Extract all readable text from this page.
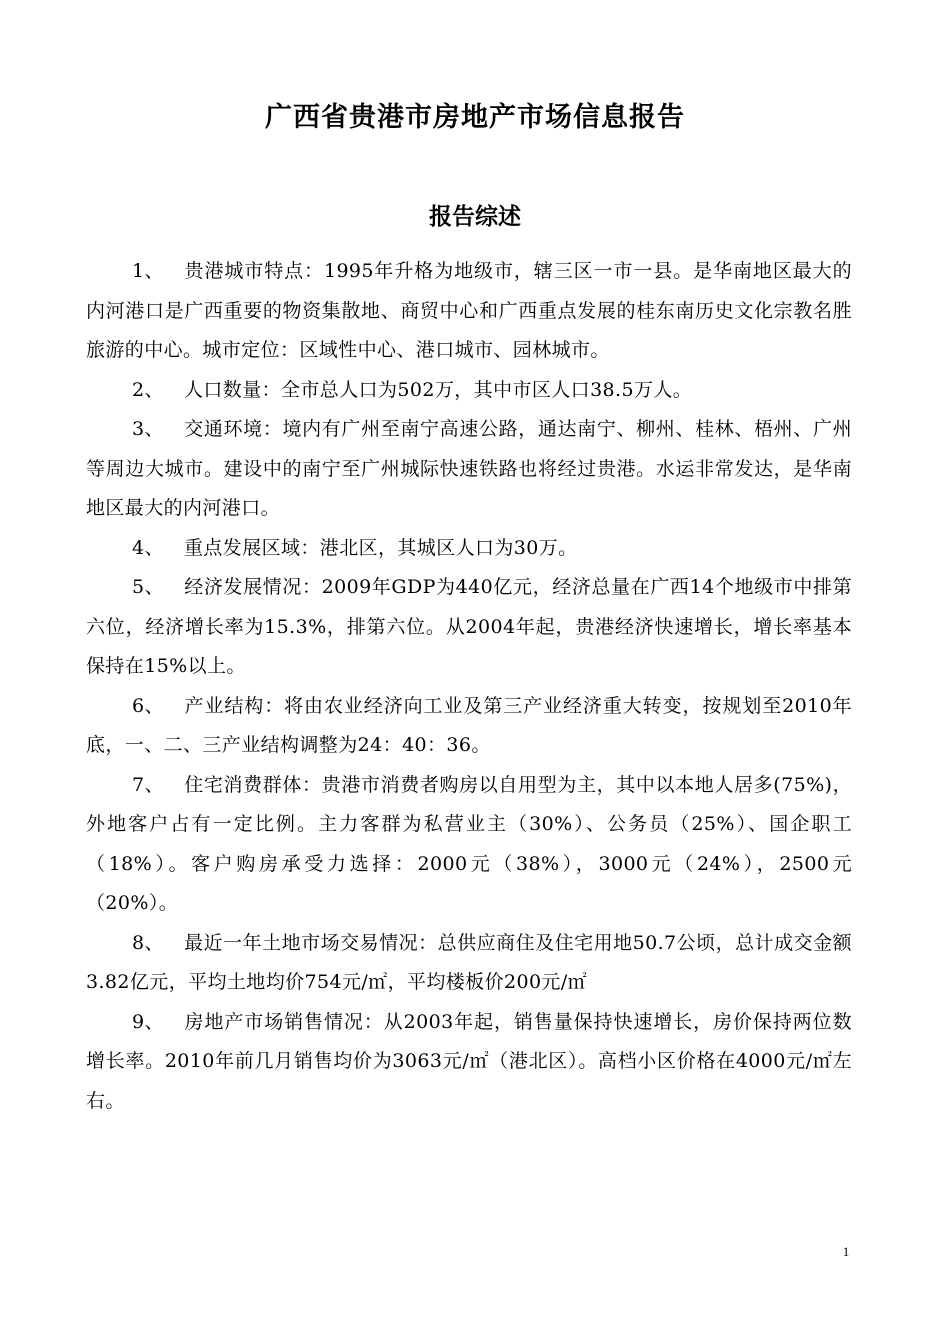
广西省贵港市房地产市场信息报告
报告综述

1、 贵港城市特点：1995年升格为地级市，辖三区一市一县。是华南地区最大的内河港口是广西重要的物资集散地、商贸中心和广西重点发展的桂东南历史文化宗教名胜旅游的中心。城市定位：区域性中心、港口城市、园林城市。

2、 人口数量：全市总人口为502万，其中市区人口38.5万人。

3、 交通环境：境内有广州至南宁高速公路，通达南宁、柳州、桂林、梧州、广州等周边大城市。建设中的南宁至广州城际快速铁路也将经过贵港。水运非常发达，是华南地区最大的内河港口。

4、 重点发展区域：港北区，其城区人口为30万。

5、 经济发展情况：2009年GDP为440亿元，经济总量在广西14个地级市中排第六位，经济增长率为15.3%，排第六位。从2004年起，贵港经济快速增长，增长率基本保持在15%以上。

6、 产业结构：将由农业经济向工业及第三产业经济重大转变，按规划至2010年底，一、二、三产业结构调整为24：40：36。

7、 住宅消费群体：贵港市消费者购房以自用型为主，其中以本地人居多(75%)，外地客户占有一定比例。主力客群为私营业主（30%）、公务员（25%）、国企职工（18%）。客户购房承受力选择：2000元（38%），3000元（24%），2500元（20%）。

8、 最近一年土地市场交易情况：总供应商住及住宅用地50.7公顷，总计成交金额3.82亿元，平均土地均价754元/㎡，平均楼板价200元/㎡

9、 房地产市场销售情况：从2003年起，销售量保持快速增长，房价保持两位数增长率。2010年前几月销售均价为3063元/㎡（港北区）。高档小区价格在4000元/㎡左右。

1
